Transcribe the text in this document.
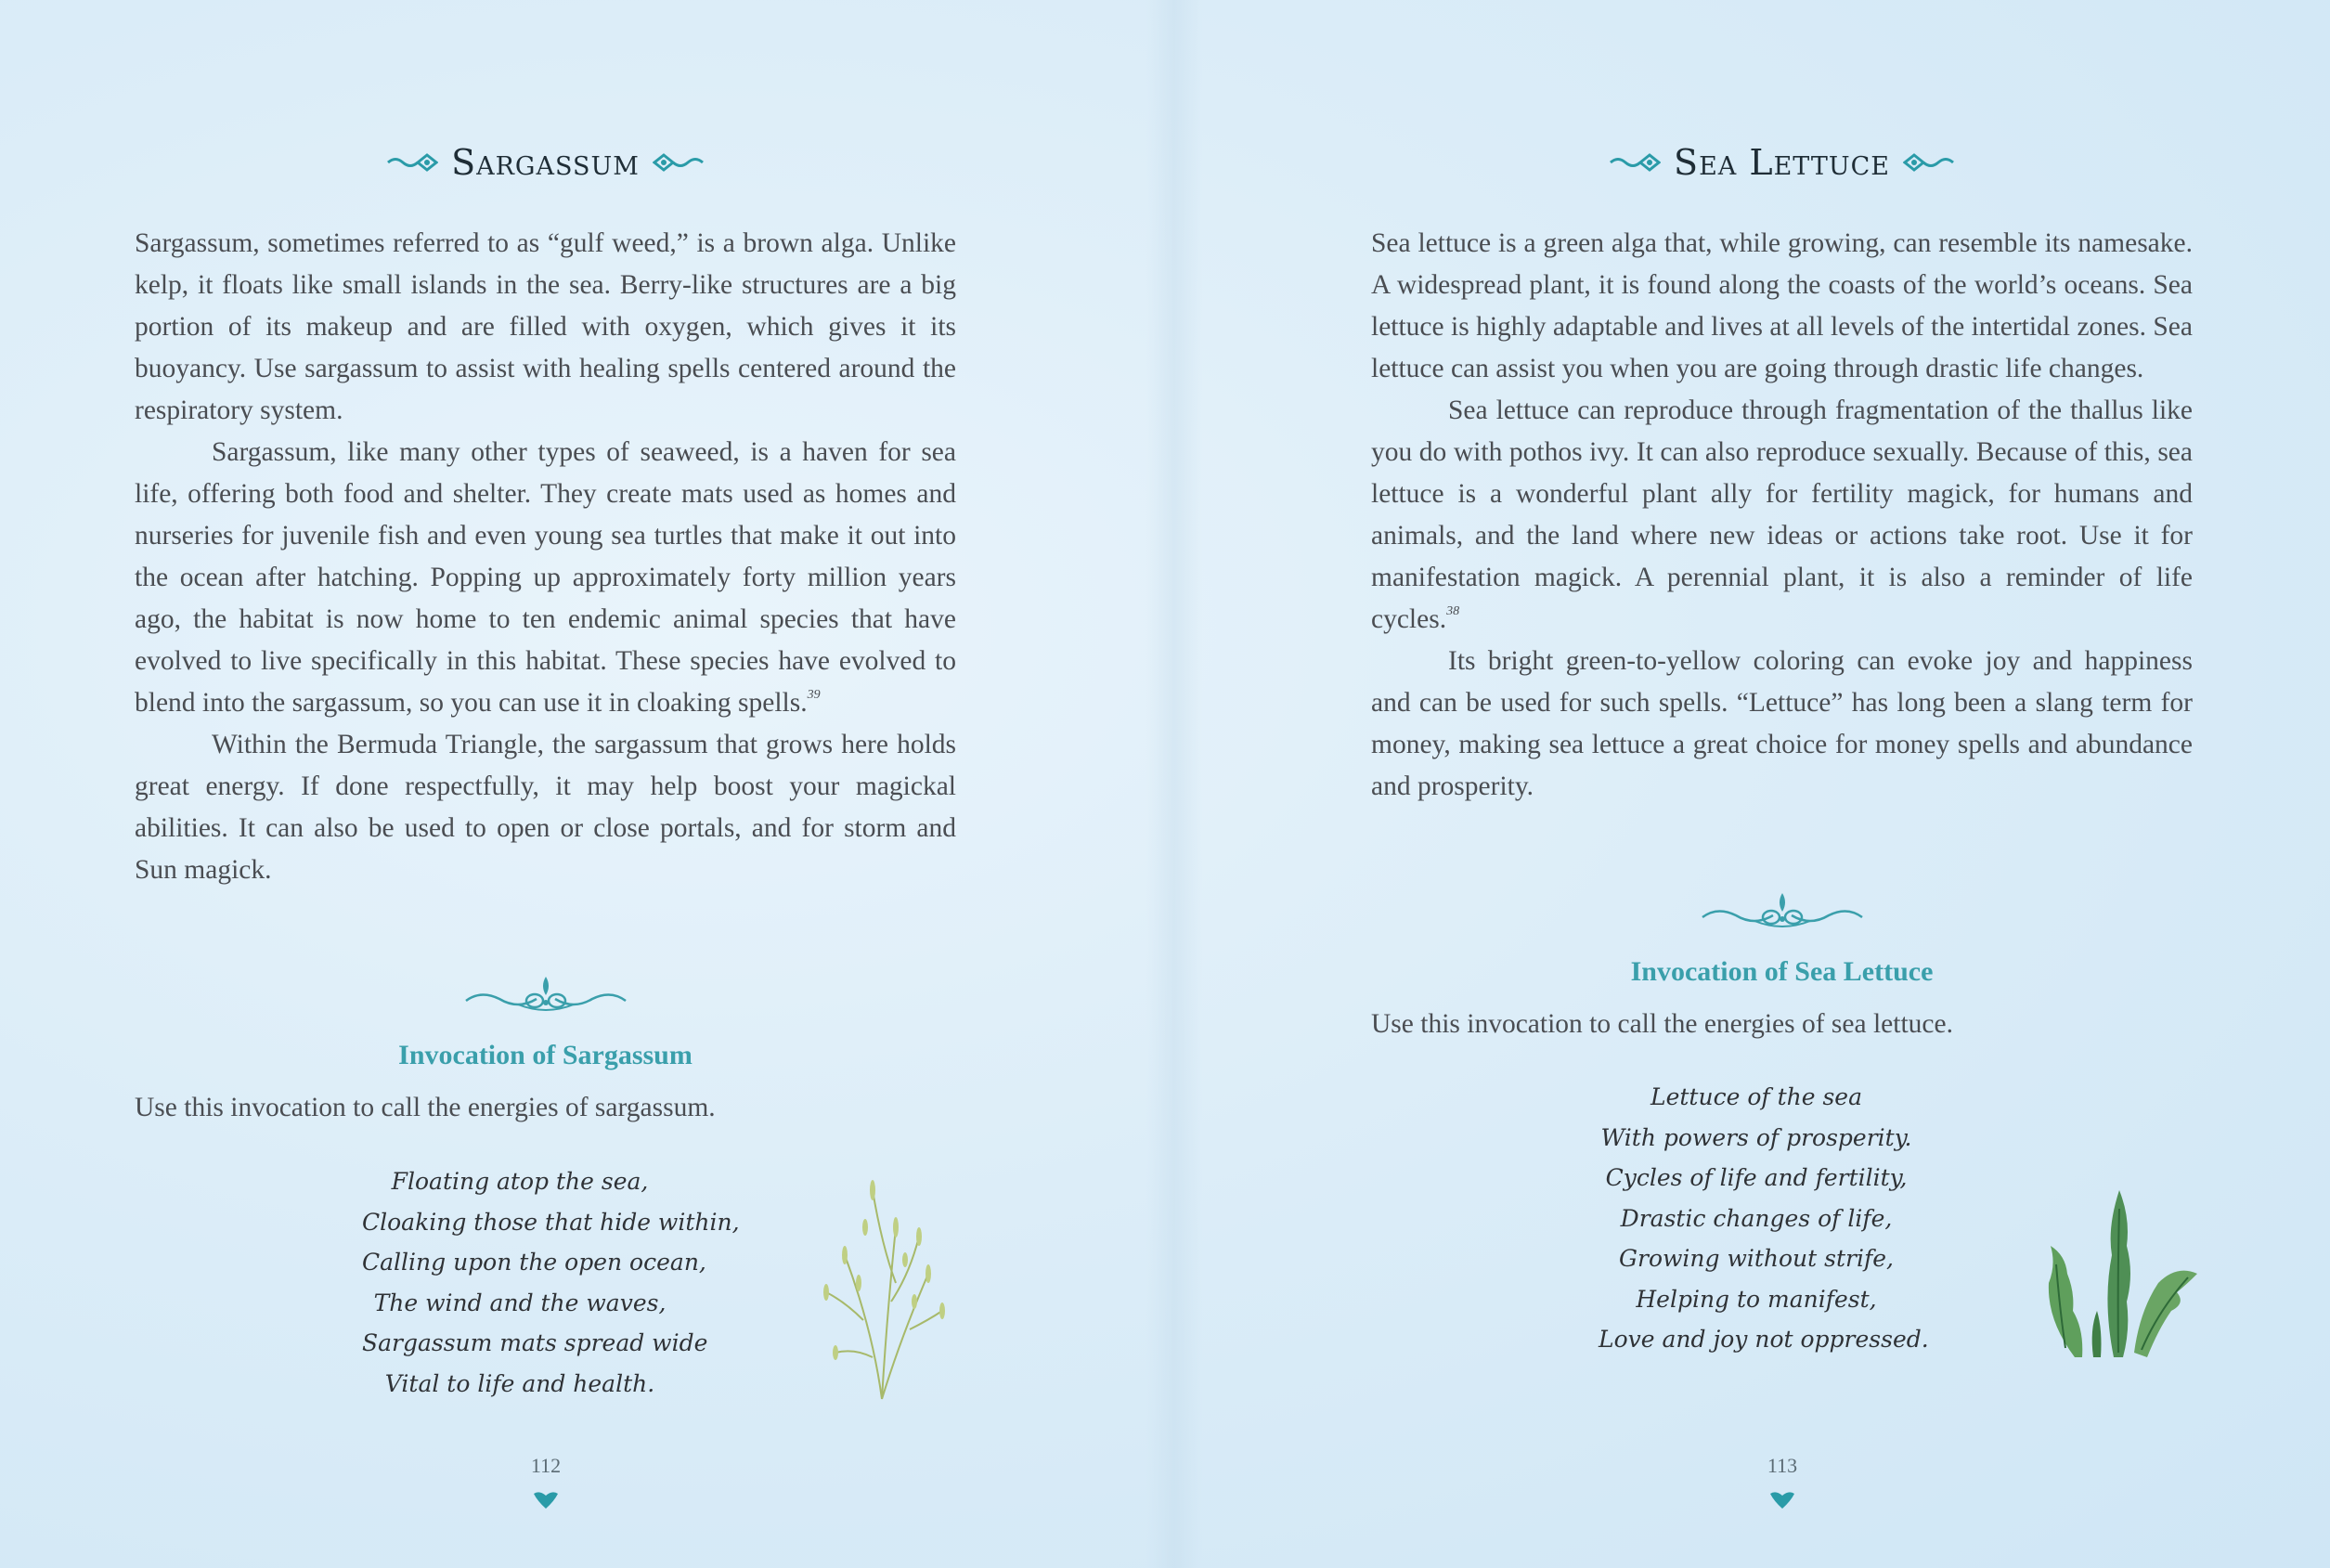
Sargassum

Sargassum, sometimes referred to as “gulf weed,” is a brown alga. Unlike kelp, it floats like small islands in the sea. Berry-like structures are a big portion of its makeup and are filled with oxygen, which gives it its buoyancy. Use sargassum to assist with healing spells centered around the respiratory system.

Sargassum, like many other types of seaweed, is a haven for sea life, offering both food and shelter. They create mats used as homes and nurseries for juvenile fish and even young sea turtles that make it out into the ocean after hatching. Popping up approximately forty million years ago, the habitat is now home to ten endemic animal species that have evolved to live specifically in this habitat. These species have evolved to blend into the sargassum, so you can use it in cloaking spells.$^{39}$

Within the Bermuda Triangle, the sargassum that grows here holds great energy. If done respectfully, it may help boost your magickal abilities. It can also be used to open or close portals, and for storm and Sun magick.

Invocation of Sargassum
Use this invocation to call the energies of sargassum.
Floating atop the sea,
Cloaking those that hide within,
Calling upon the open ocean,
The wind and the waves,
Sargassum mats spread wide
Vital to life and health.
112
Sea Lettuce

Sea lettuce is a green alga that, while growing, can resemble its namesake. A widespread plant, it is found along the coasts of the world’s oceans. Sea lettuce is highly adaptable and lives at all levels of the intertidal zones. Sea lettuce can assist you when you are going through drastic life changes.

Sea lettuce can reproduce through fragmentation of the thallus like you do with pothos ivy. It can also reproduce sexually. Because of this, sea lettuce is a wonderful plant ally for fertility magick, for humans and animals, and the land where new ideas or actions take root. Use it for manifestation magick. A perennial plant, it is also a reminder of life cycles.$^{38}$

Its bright green-to-yellow coloring can evoke joy and happiness and can be used for such spells. “Lettuce” has long been a slang term for money, making sea lettuce a great choice for money spells and abundance and prosperity.

Invocation of Sea Lettuce
Use this invocation to call the energies of sea lettuce.
Lettuce of the sea
With powers of prosperity.
Cycles of life and fertility,
Drastic changes of life,
Growing without strife,
Helping to manifest,
Love and joy not oppressed.
113
